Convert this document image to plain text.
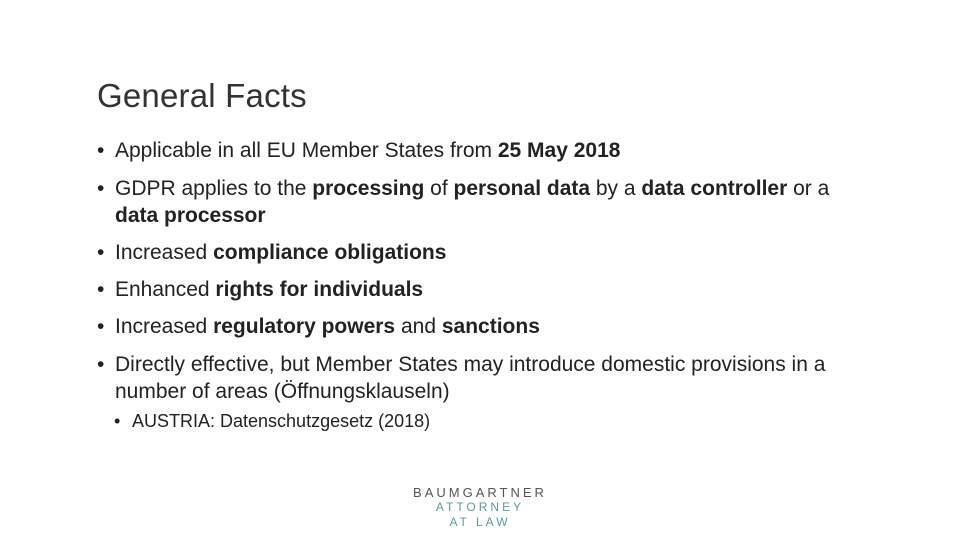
General Facts
• Applicable in all EU Member States from 25 May 2018
• GDPR applies to the processing of personal data by a data controller or a data processor
• Increased compliance obligations
• Enhanced rights for individuals
• Increased regulatory powers and sanctions
• Directly effective, but Member States may introduce domestic provisions in a number of areas (Öffnungsklauseln)
• AUSTRIA: Datenschutzgesetz (2018)
BAUMGARTNER
ATTORNEY
AT LAW
